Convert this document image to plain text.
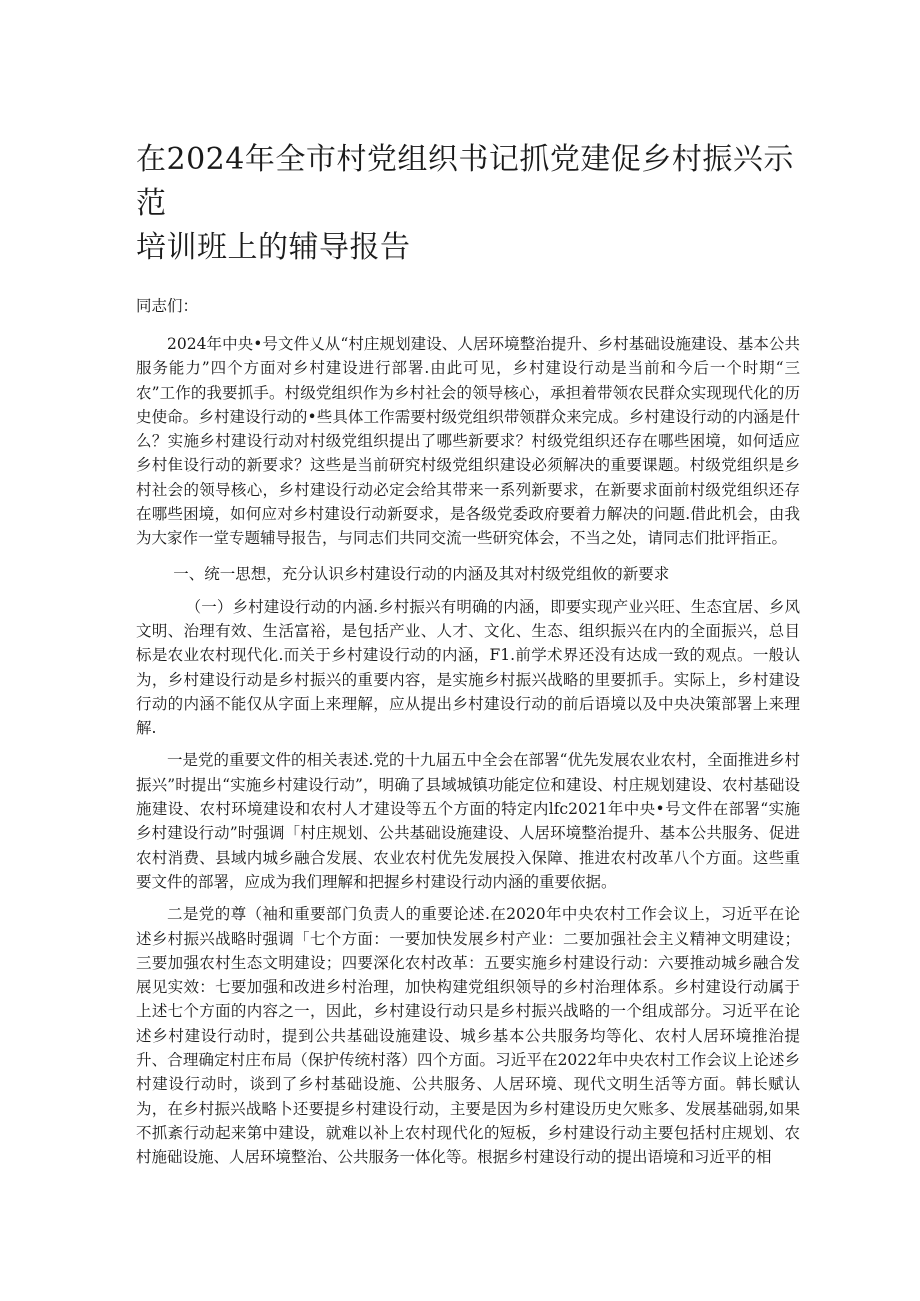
在2024年全市村党组织书记抓党建促乡村振兴示范
培训班上的辅导报告

同志们：

2024年中央•号文件乂从“村庄规划建设、人居环境整治提升、乡村基础设施建设、基本公共服务能力”四个方面对乡村建设进行部署.由此可见，乡村建设行动是当前和今后一个时期“三农”工作的我要抓手。村级党组织作为乡村社会的领导核心，承担着带领农民群众实现现代化的历史使命。乡村建设行动的•些具体工作需要村级党组织带领群众来完成。乡村建设行动的内涵是什么？实施乡村建设行动对村级党组织提出了哪些新要求？村级党组织还存在哪些困境，如何适应乡村隹设行动的新要求？这些是当前研究村级党组织建设必须解决的重要课题。村级党组织是乡村社会的领导核心，乡村建设行动必定会给其带来一系列新要求，在新要求面前村级党组织还存在哪些困境，如何应对乡村建设行动新耍求，是各级党委政府要着力解决的问题.借此机会，由我为大家作一堂专题辅导报告，与同志们共同交流一些研究体会，不当之处，请同志们批评指正。

一、统一思想，充分认识乡村建设行动的内涵及其对村级党组攸的新要求

（一）乡村建设行动的内涵.乡村振兴有明确的内涵，即要实现产业兴旺、生态宜居、乡风文明、治理有效、生活富裕，是包括产业、人才、文化、生态、组织振兴在内的全面振兴，总目标是农业农村现代化.而关于乡村建设行动的内涵，F1.前学术界还没有达成一致的观点。一般认为，乡村建设行动是乡村振兴的重要内容，是实施乡村振兴战略的里要抓手。实际上，乡村建设行动的内涵不能仅从字面上来理解，应从提出乡村建设行动的前后语境以及中央决策部署上来理解.

一是党的重要文件的相关表述.党的十九届五中全会在部署“优先发展农业农村，全面推进乡村振兴”时提出“实施乡村建设行动”，明确了县域城镇功能定位和建设、村庄规划建设、农村基础设施建设、农村环境建设和农村人才建设等五个方面的特定内lfc2021年中央•号文件在部署“实施乡村建设行动”时强调「村庄规划、公共基础设施建设、人居环境整治提升、基本公共服务、促进农村消费、县域内城乡融合发展、农业农村优先发展投入保障、推进农村改革八个方面。这些重要文件的部署，应成为我们理解和把握乡村建设行动内涵的重要依据。

二是党的尊（袖和重要部门负责人的重要论述.在2020年中央农村工作会议上，习近平在论述乡村振兴战略时强调「七个方面：一要加快发展乡村产业：二要加强社会主义精神文明建设；三要加强农村生态文明建设；四要深化农村改革：五要实施乡村建设行动：六要推动城乡融合发展见实效：七要加强和改进乡村治理，加快构建党组织领导的乡村治理体系。乡村建设行动属于上述七个方面的内容之一，因此，乡村建设行动只是乡村振兴战略的一个组成部分。习近平在论述乡村建设行动时，提到公共基础设施建设、城乡基本公共服务均等化、农村人居环境推治提升、合理确定村庄布局（保护传统村落）四个方面。习近平在2022年中央农村工作会议上论述乡村建设行动时，谈到了乡村基础设施、公共服务、人居环境、现代文明生活等方面。韩长赋认为，在乡村振兴战略卜还要提乡村建设行动，主要是因为乡村建设历史欠账多、发展基础弱,如果不抓紊行动起来第中建设，就难以补上农村现代化的短板，乡村建设行动主要包括村庄规划、农村施础设施、人居环境整治、公共服务一体化等。根据乡村建设行动的提出语境和习近平的相
